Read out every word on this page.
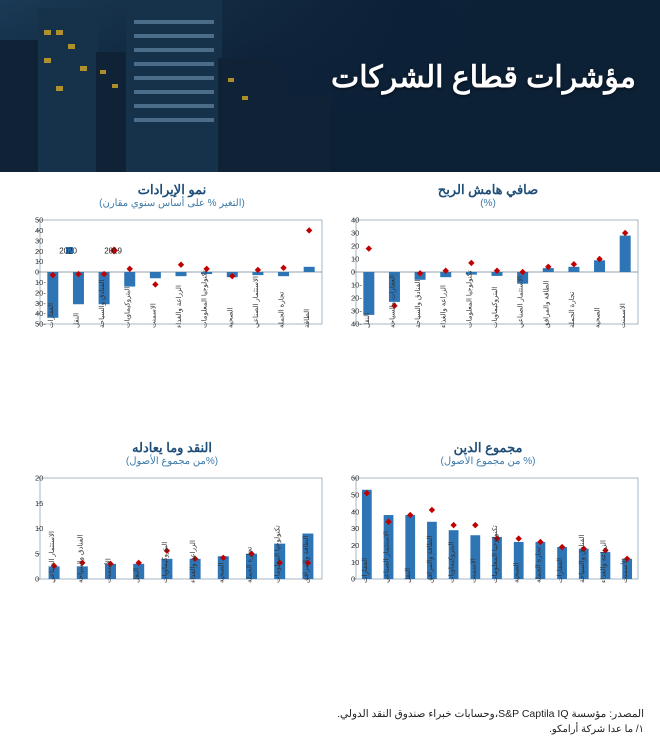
مؤشرات قطاع الشركات
صافي هامش الربح
(%)
-40
-30
-20
-10
0
10
20
30
40
النقل	العقارات والسياحة	الفنادق والسياحة	الزراعة والغذاء	تكنولوجيا المعلومات	البتروكيماويات	الاستثمار الصناعي	الطاقة والمرافق	تجارة الجملة	الصحية	الاسمنت
نمو الإيرادات
(التغير % على أساس سنوي مقارن)
-50
-40
-30
-20
-10
0
10
20
30
40
50
العقارات	النقل	الفنادق والسياحة	البتروكيماويات	الاسمنت	الزراعة والغذاء	تكنولوجيا المعلومات	الصحية	الاستثمار الصناعي	تجارة الجملة	الطاقة
2020	2019
مجموع الدين
(% من مجموع الأصول)
0
10
20
30
40
50
60
العقارات الاستثمار الصناعي النقل الطاقة والمرافق البتروكيماويات الاسمنت تكنولوجيا المعلومات الصحية تجارة الجملة العقارات الفنادق والسياحة الزراعة والغذاء	الأسمنت
النقد وما يعادله
(%من مجموع الأصول)
0
5
10
15
20
الاستثمار الصناعي	الفنادق والسياحة	الأسمنت	النقل	البتروكيماويات	الزراعة والغذاء	الصحية	تجارة الجملة	تكنولوجيا المعلومات	الطاقة والمرافق
المصدر: مؤسسة S&P Captila IQ،وحسابات خبراء صندوق النقد الدولي.
١/ ما عدا شركة أرامكو.
